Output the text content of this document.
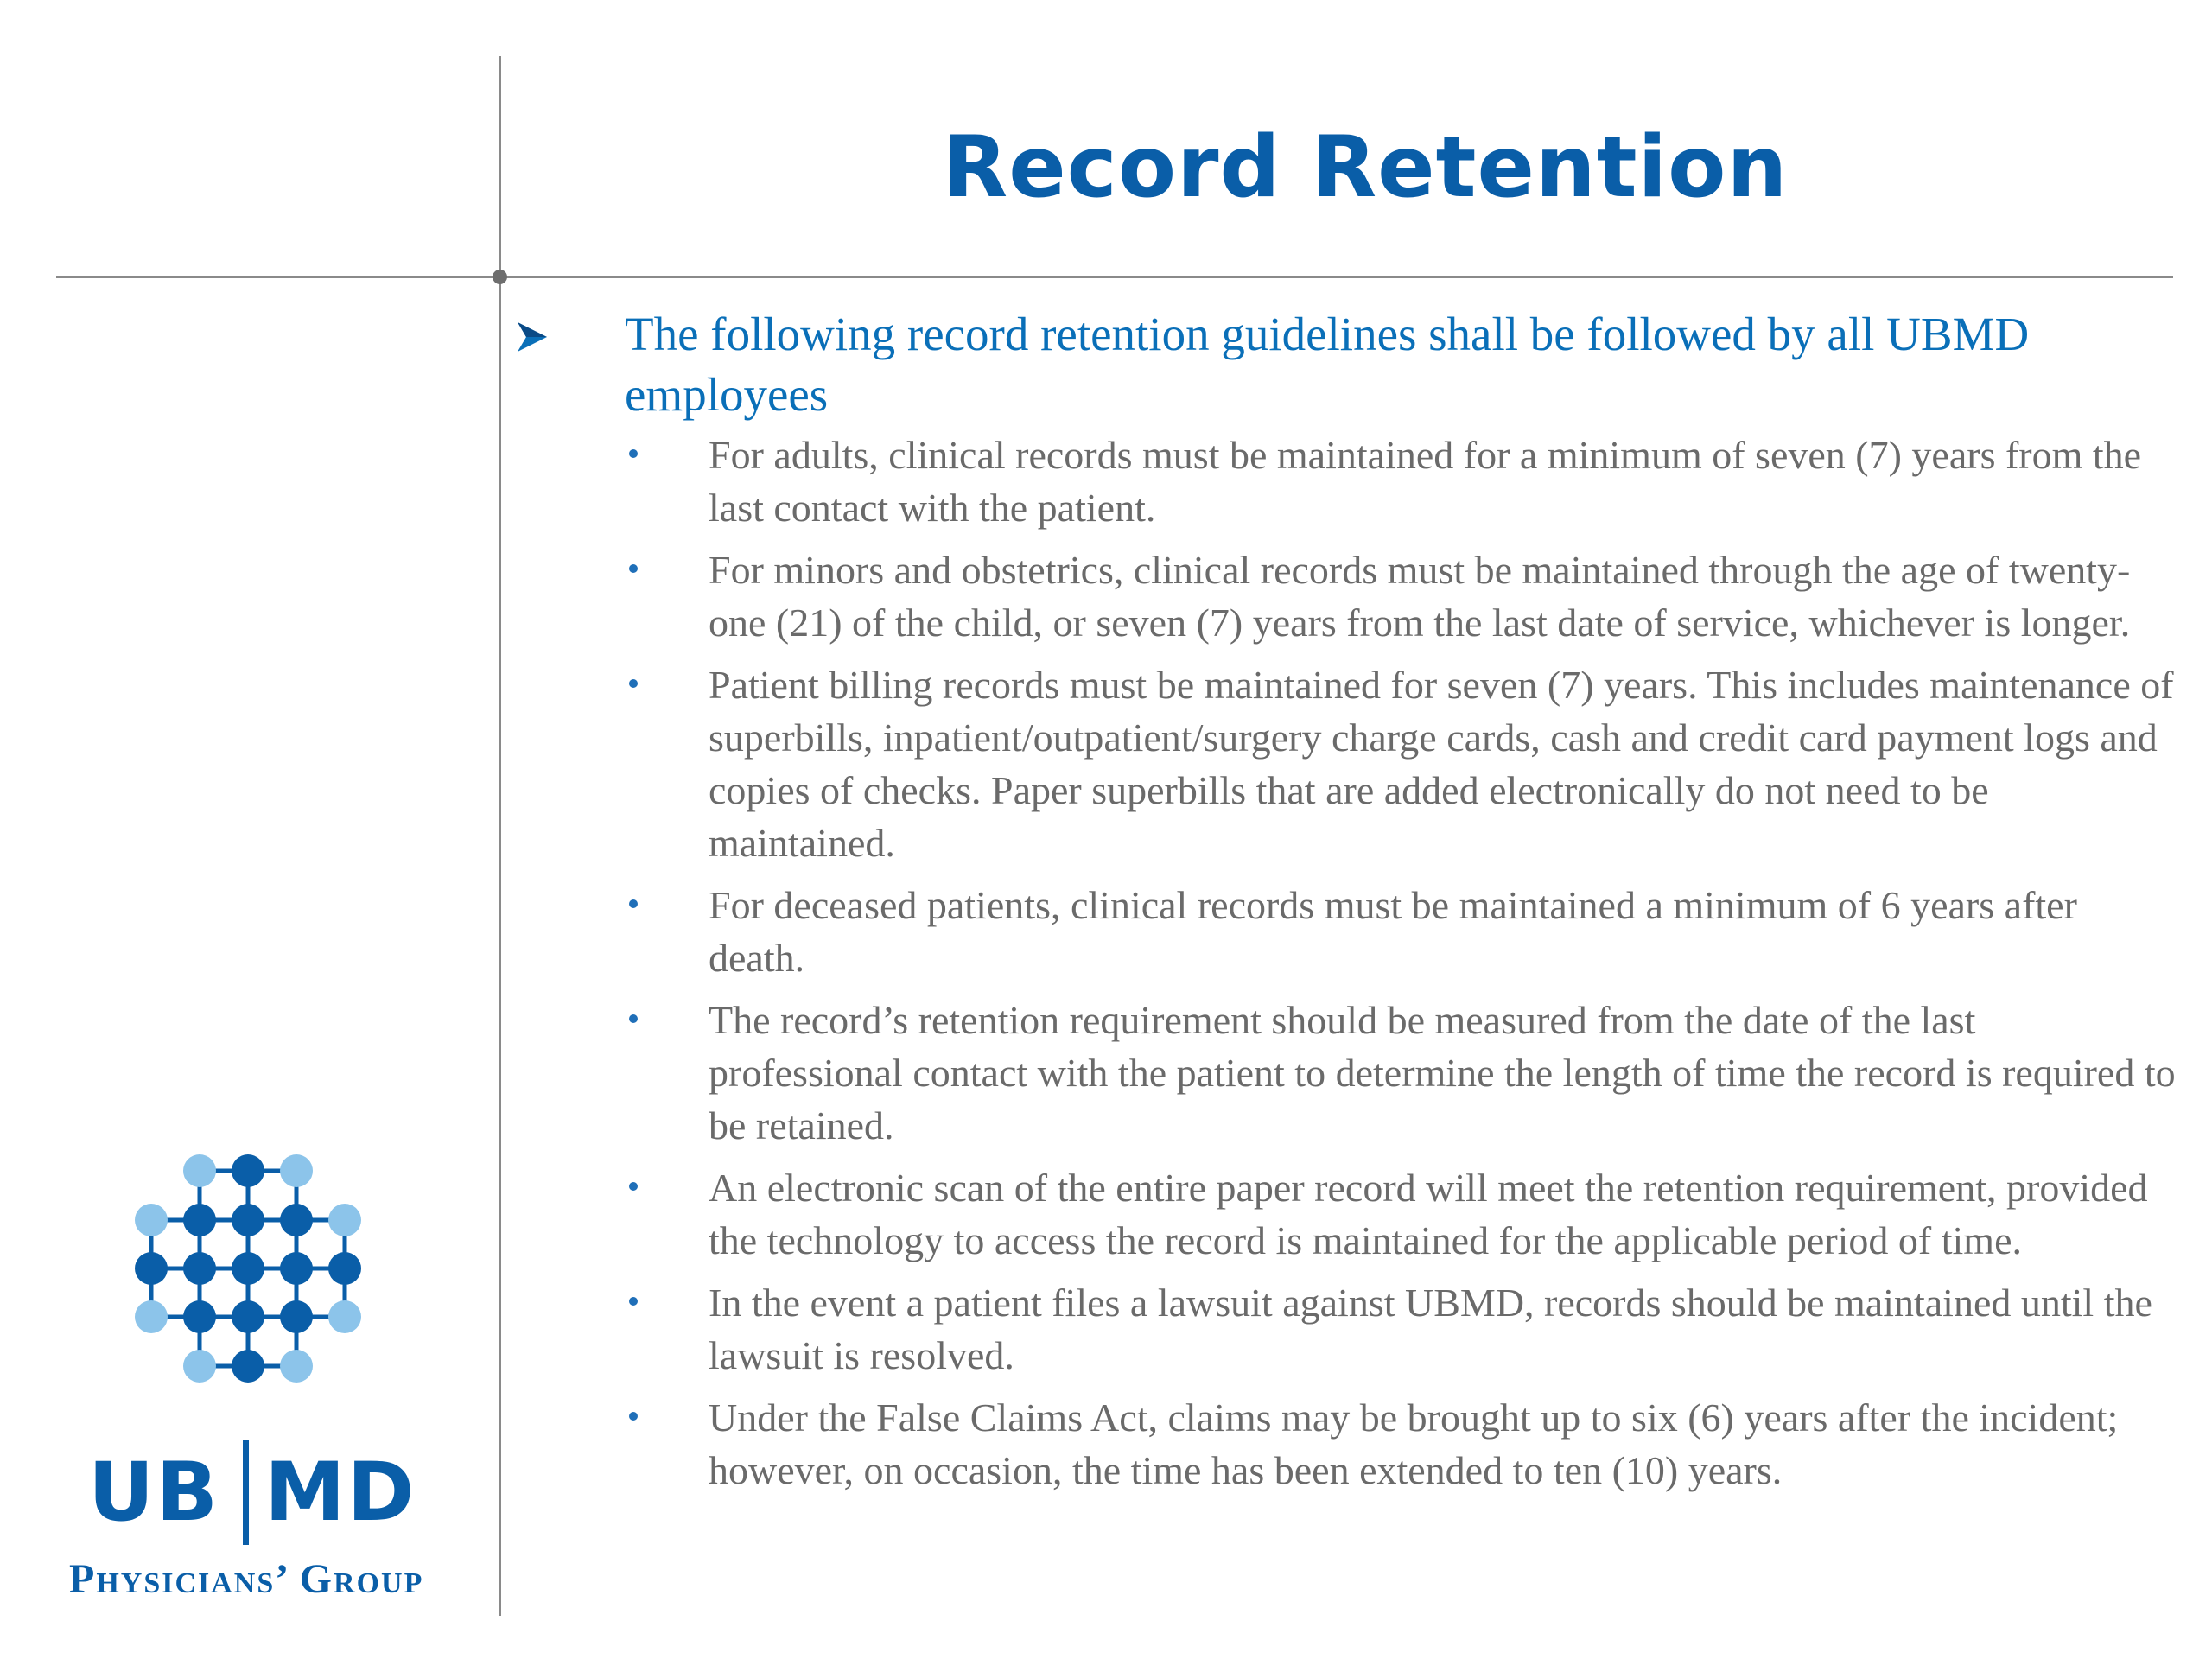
Record Retention
The following record retention guidelines shall be followed by all UBMD employees
For adults, clinical records must be maintained for a minimum of seven (7) years from the last contact with the patient.
For minors and obstetrics, clinical records must be maintained through the age of twenty-one (21) of the child, or seven (7) years from the last date of service, whichever is longer.
Patient billing records must be maintained for seven (7) years. This includes maintenance of superbills, inpatient/outpatient/surgery charge cards, cash and credit card payment logs and copies of checks. Paper superbills that are added electronically do not need to be maintained.
For deceased patients, clinical records must be maintained a minimum of 6 years after death.
The record’s retention requirement should be measured from the date of the last professional contact with the patient to determine the length of time the record is required to be retained.
An electronic scan of the entire paper record will meet the retention requirement, provided the technology to access the record is maintained for the applicable period of time.
In the event a patient files a lawsuit against UBMD, records should be maintained until the lawsuit is resolved.
Under the False Claims Act, claims may be brought up to six (6) years after the incident; however, on occasion, the time has been extended to ten (10) years.
UB MD
Physicians’ Group
